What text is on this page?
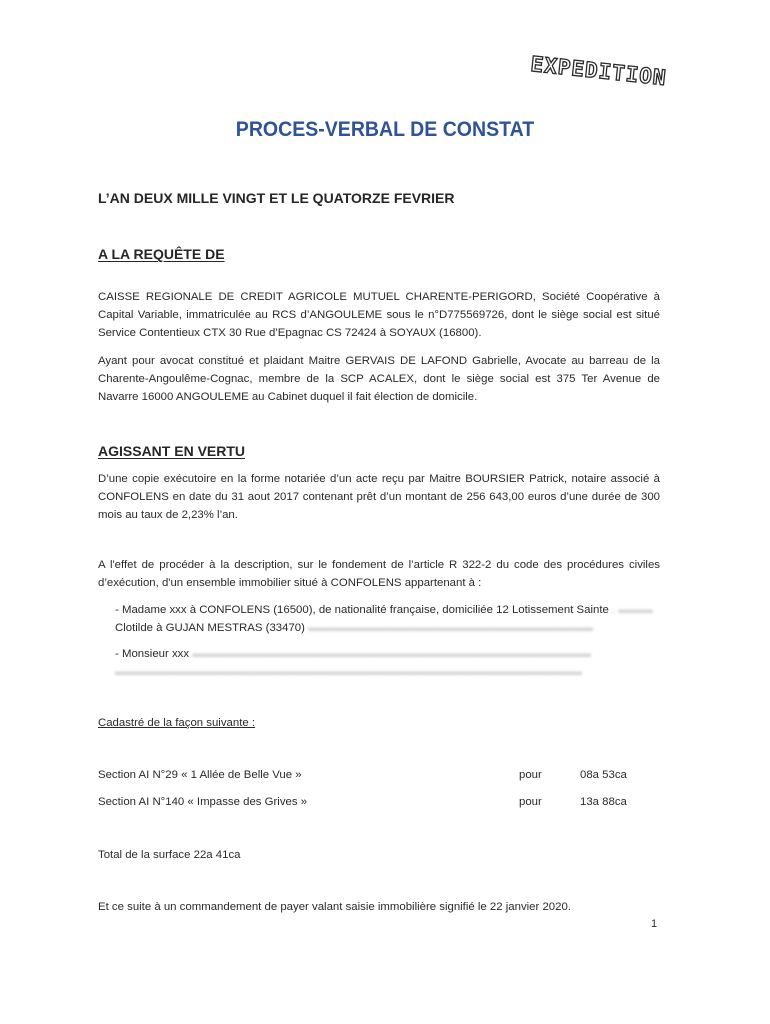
EXPEDITION
PROCES-VERBAL DE CONSTAT
L’AN DEUX MILLE VINGT ET LE QUATORZE FEVRIER
A LA REQUÊTE DE
CAISSE REGIONALE DE CREDIT AGRICOLE MUTUEL CHARENTE-PERIGORD, Société Coopérative à Capital Variable, immatriculée au RCS d’ANGOULEME sous le n°D775569726, dont le siège social est situé Service Contentieux CTX 30 Rue d’Epagnac CS 72424 à SOYAUX (16800).
Ayant pour avocat constitué et plaidant Maitre GERVAIS DE LAFOND Gabrielle, Avocate au barreau de la Charente-Angoulême-Cognac, membre de la SCP ACALEX, dont le siège social est 375 Ter Avenue de Navarre 16000 ANGOULEME au Cabinet duquel il fait élection de domicile.
AGISSANT EN VERTU
D’une copie exécutoire en la forme notariée d’un acte reçu par Maitre BOURSIER Patrick, notaire associé à CONFOLENS en date du 31 aout 2017 contenant prêt d’un montant de 256 643,00 euros d’une durée de 300 mois au taux de 2,23% l’an.
A l'effet de procéder à la description, sur le fondement de l’article R 322-2 du code des procédures civiles d’exécution, d'un ensemble immobilier situé à CONFOLENS appartenant à :
- Madame xxx à CONFOLENS (16500), de nationalité française, domiciliée 12 Lotissement Sainte , ▬▬▬
Clotilde à GUJAN MESTRAS (33470) ▬▬▬▬▬▬▬▬▬▬▬▬▬▬▬▬▬▬▬▬▬▬▬▬▬
- Monsieur xxx ▬▬▬▬▬▬▬▬▬▬▬▬▬▬▬▬▬▬▬▬▬▬▬▬▬▬▬▬▬▬▬▬▬▬▬
▬▬▬▬▬▬▬▬▬▬▬▬▬▬▬▬▬▬▬▬▬▬▬▬▬▬▬▬▬▬▬▬▬▬▬▬▬▬▬▬▬
Cadastré de la façon suivante :
Section AI N°29 « 1 Allée de Belle Vue »	pour	08a 53ca
Section AI N°140 « Impasse des Grives »	pour	13a 88ca
Total de la surface 22a 41ca
Et ce suite à un commandement de payer valant saisie immobilière signifié le 22 janvier 2020.
1
